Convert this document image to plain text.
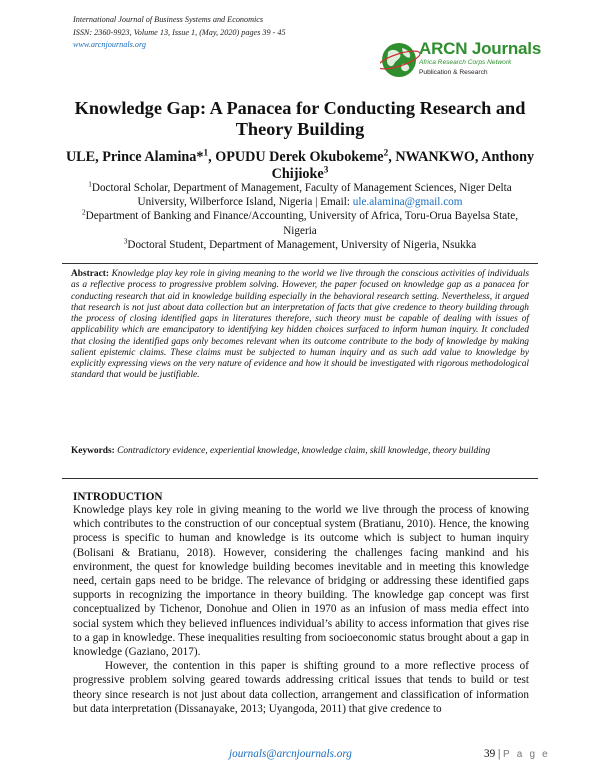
International Journal of Business Systems and Economics
ISSN: 2360-9923, Volume 13, Issue 1, (May, 2020) pages 39 - 45
www.arcnjournals.org	ARCN Journals
Africa Research Corps Network
Publication & Research
Knowledge Gap: A Panacea for Conducting Research and Theory Building
ULE, Prince Alamina*$^1$, OPUDU Derek Okubokeme$^2$, NWANKWO, Anthony Chijioke$^3$
$^1$Doctoral Scholar, Department of Management, Faculty of Management Sciences, Niger Delta University, Wilberforce Island, Nigeria | Email: ule.alamina@gmail.com
$^2$Department of Banking and Finance/Accounting, University of Africa, Toru-Orua Bayelsa State, Nigeria
$^3$Doctoral Student, Department of Management, University of Nigeria, Nsukka
Abstract: Knowledge play key role in giving meaning to the world we live through the conscious activities of individuals as a reflective process to progressive problem solving. However, the paper focused on knowledge gap as a panacea for conducting research that aid in knowledge building especially in the behavioral research setting. Nevertheless, it argued that research is not just about data collection but an interpretation of facts that give credence to theory building through the process of closing identified gaps in literatures therefore, such theory must be capable of dealing with issues of applicability which are emancipatory to identifying key hidden choices surfaced to inform human inquiry. It concluded that closing the identified gaps only becomes relevant when its outcome contribute to the body of knowledge by making salient epistemic claims. These claims must be subjected to human inquiry and as such add value to knowledge by explicitly expressing views on the very nature of evidence and how it should be investigated with rigorous methodological standard that would be justifiable.
Keywords: Contradictory evidence, experiential knowledge, knowledge claim, skill knowledge, theory building
INTRODUCTION

Knowledge plays key role in giving meaning to the world we live through the process of knowing which contributes to the construction of our conceptual system (Bratianu, 2010). Hence, the knowing process is specific to human and knowledge is its outcome which is subject to human inquiry (Bolisani & Bratianu, 2018). However, considering the challenges facing mankind and his environment, the quest for knowledge building becomes inevitable and in meeting this knowledge need, certain gaps need to be bridge. The relevance of bridging or addressing these identified gaps supports in recognizing the importance in theory building. The knowledge gap concept was first conceptualized by Tichenor, Donohue and Olien in 1970 as an infusion of mass media effect into social system which they believed influences individual’s ability to access information that gives rise to a gap in knowledge. These inequalities resulting from socioeconomic status brought about a gap in knowledge (Gaziano, 2017).

However, the contention in this paper is shifting ground to a more reflective process of progressive problem solving geared towards addressing critical issues that tends to build or test theory since research is not just about data collection, arrangement and classification of information but data interpretation (Dissanayake, 2013; Uyangoda, 2011) that give credence to

journals@arcnjournals.org	39 | P a g e
